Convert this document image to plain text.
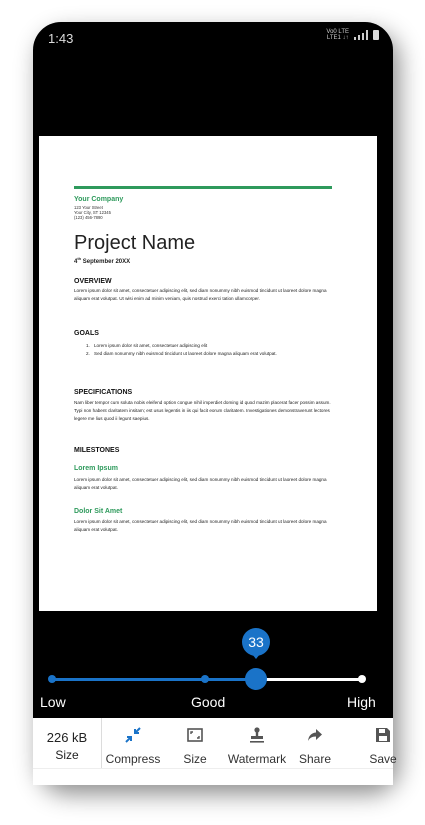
1:43	Vo0 LTE
LTE1 ↓↑
Your Company
123 Your Street
Your City, ST 12345
(123) 456-7890
Project Name
4th September 20XX
OVERVIEW
Lorem ipsum dolor sit amet, consectetuer adipiscing elit, sed diam nonummy nibh euismod tincidunt ut laoreet dolore magna aliquam erat volutpat. Ut wisi enim ad minim veniam, quis nostrud exerci tation ullamcorper.
GOALS
1. Lorem ipsum dolor sit amet, consectetuer adipiscing elit
2. Sed diam nonummy nibh euismod tincidunt ut laoreet dolore magna aliquam erat volutpat.
SPECIFICATIONS
Nam liber tempor cum soluta nobis eleifend option congue nihil imperdiet doming id quod mazim placerat facer possim assum. Typi non habent claritatem insitam; est usus legentis in iis qui facit eorum claritatem. Investigationes demonstraverunt lectores legere me lius quod ii legunt saepius.
MILESTONES
Lorem Ipsum
Lorem ipsum dolor sit amet, consectetuer adipiscing elit, sed diam nonummy nibh euismod tincidunt ut laoreet dolore magna aliquam erat volutpat.
Dolor Sit Amet
Lorem ipsum dolor sit amet, consectetuer adipiscing elit, sed diam nonummy nibh euismod tincidunt ut laoreet dolore magna aliquam erat volutpat.
33
Low	Good	High
226 kB
Size	Compress	Size	Watermark	Share	Save
